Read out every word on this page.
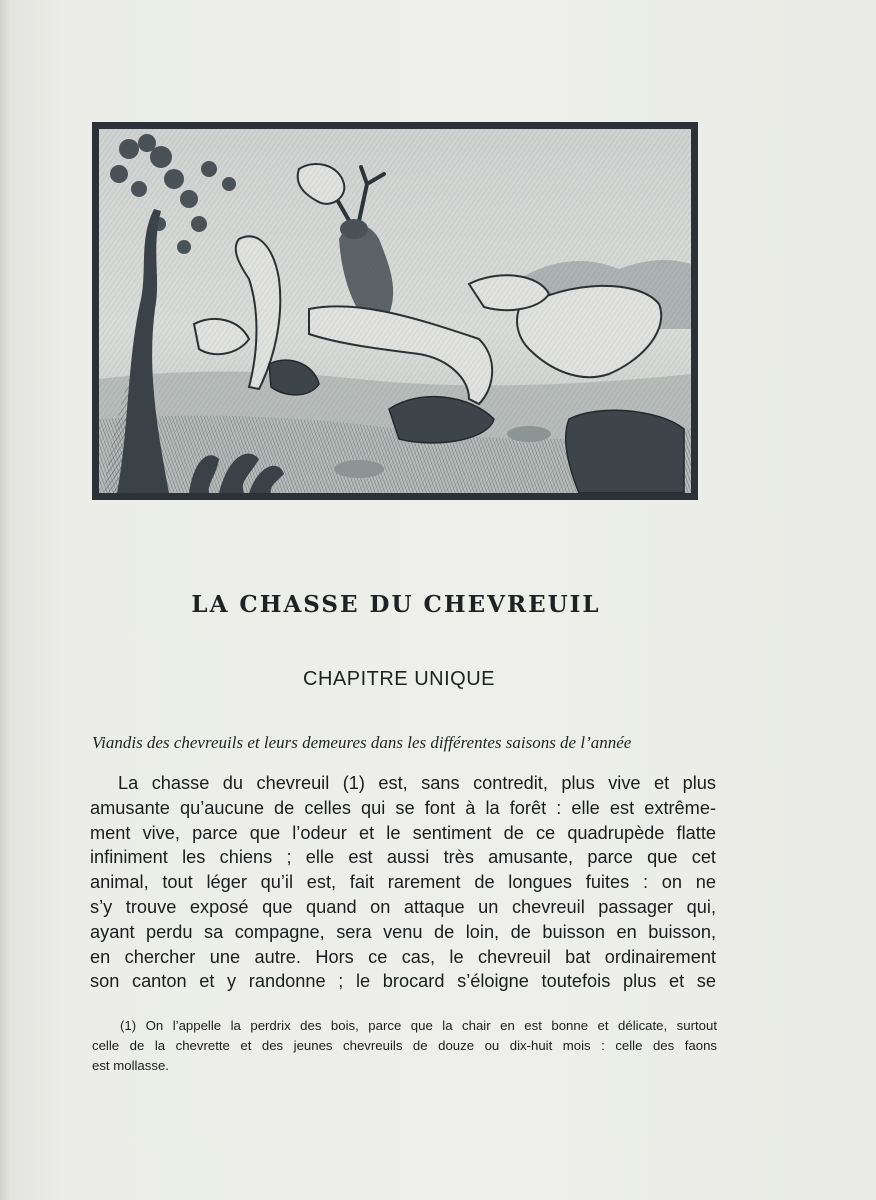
LA CHASSE DU CHEVREUIL
CHAPITRE UNIQUE
Viandis des chevreuils et leurs demeures dans les différentes saisons de l’année
La chasse du chevreuil (1) est, sans contredit, plus vive et plus
amusante qu’aucune de celles qui se font à la forêt : elle est extrême-
ment vive, parce que l’odeur et le sentiment de ce quadrupède flatte
infiniment les chiens ; elle est aussi très amusante, parce que cet
animal, tout léger qu’il est, fait rarement de longues fuites : on ne
s’y trouve exposé que quand on attaque un chevreuil passager qui,
ayant perdu sa compagne, sera venu de loin, de buisson en buisson,
en chercher une autre. Hors ce cas, le chevreuil bat ordinairement
son canton et y randonne ; le brocard s’éloigne toutefois plus et se
(1) On l’appelle la perdrix des bois, parce que la chair en est bonne et délicate, surtout
celle de la chevrette et des jeunes chevreuils de douze ou dix-huit mois : celle des faons
est mollasse.
